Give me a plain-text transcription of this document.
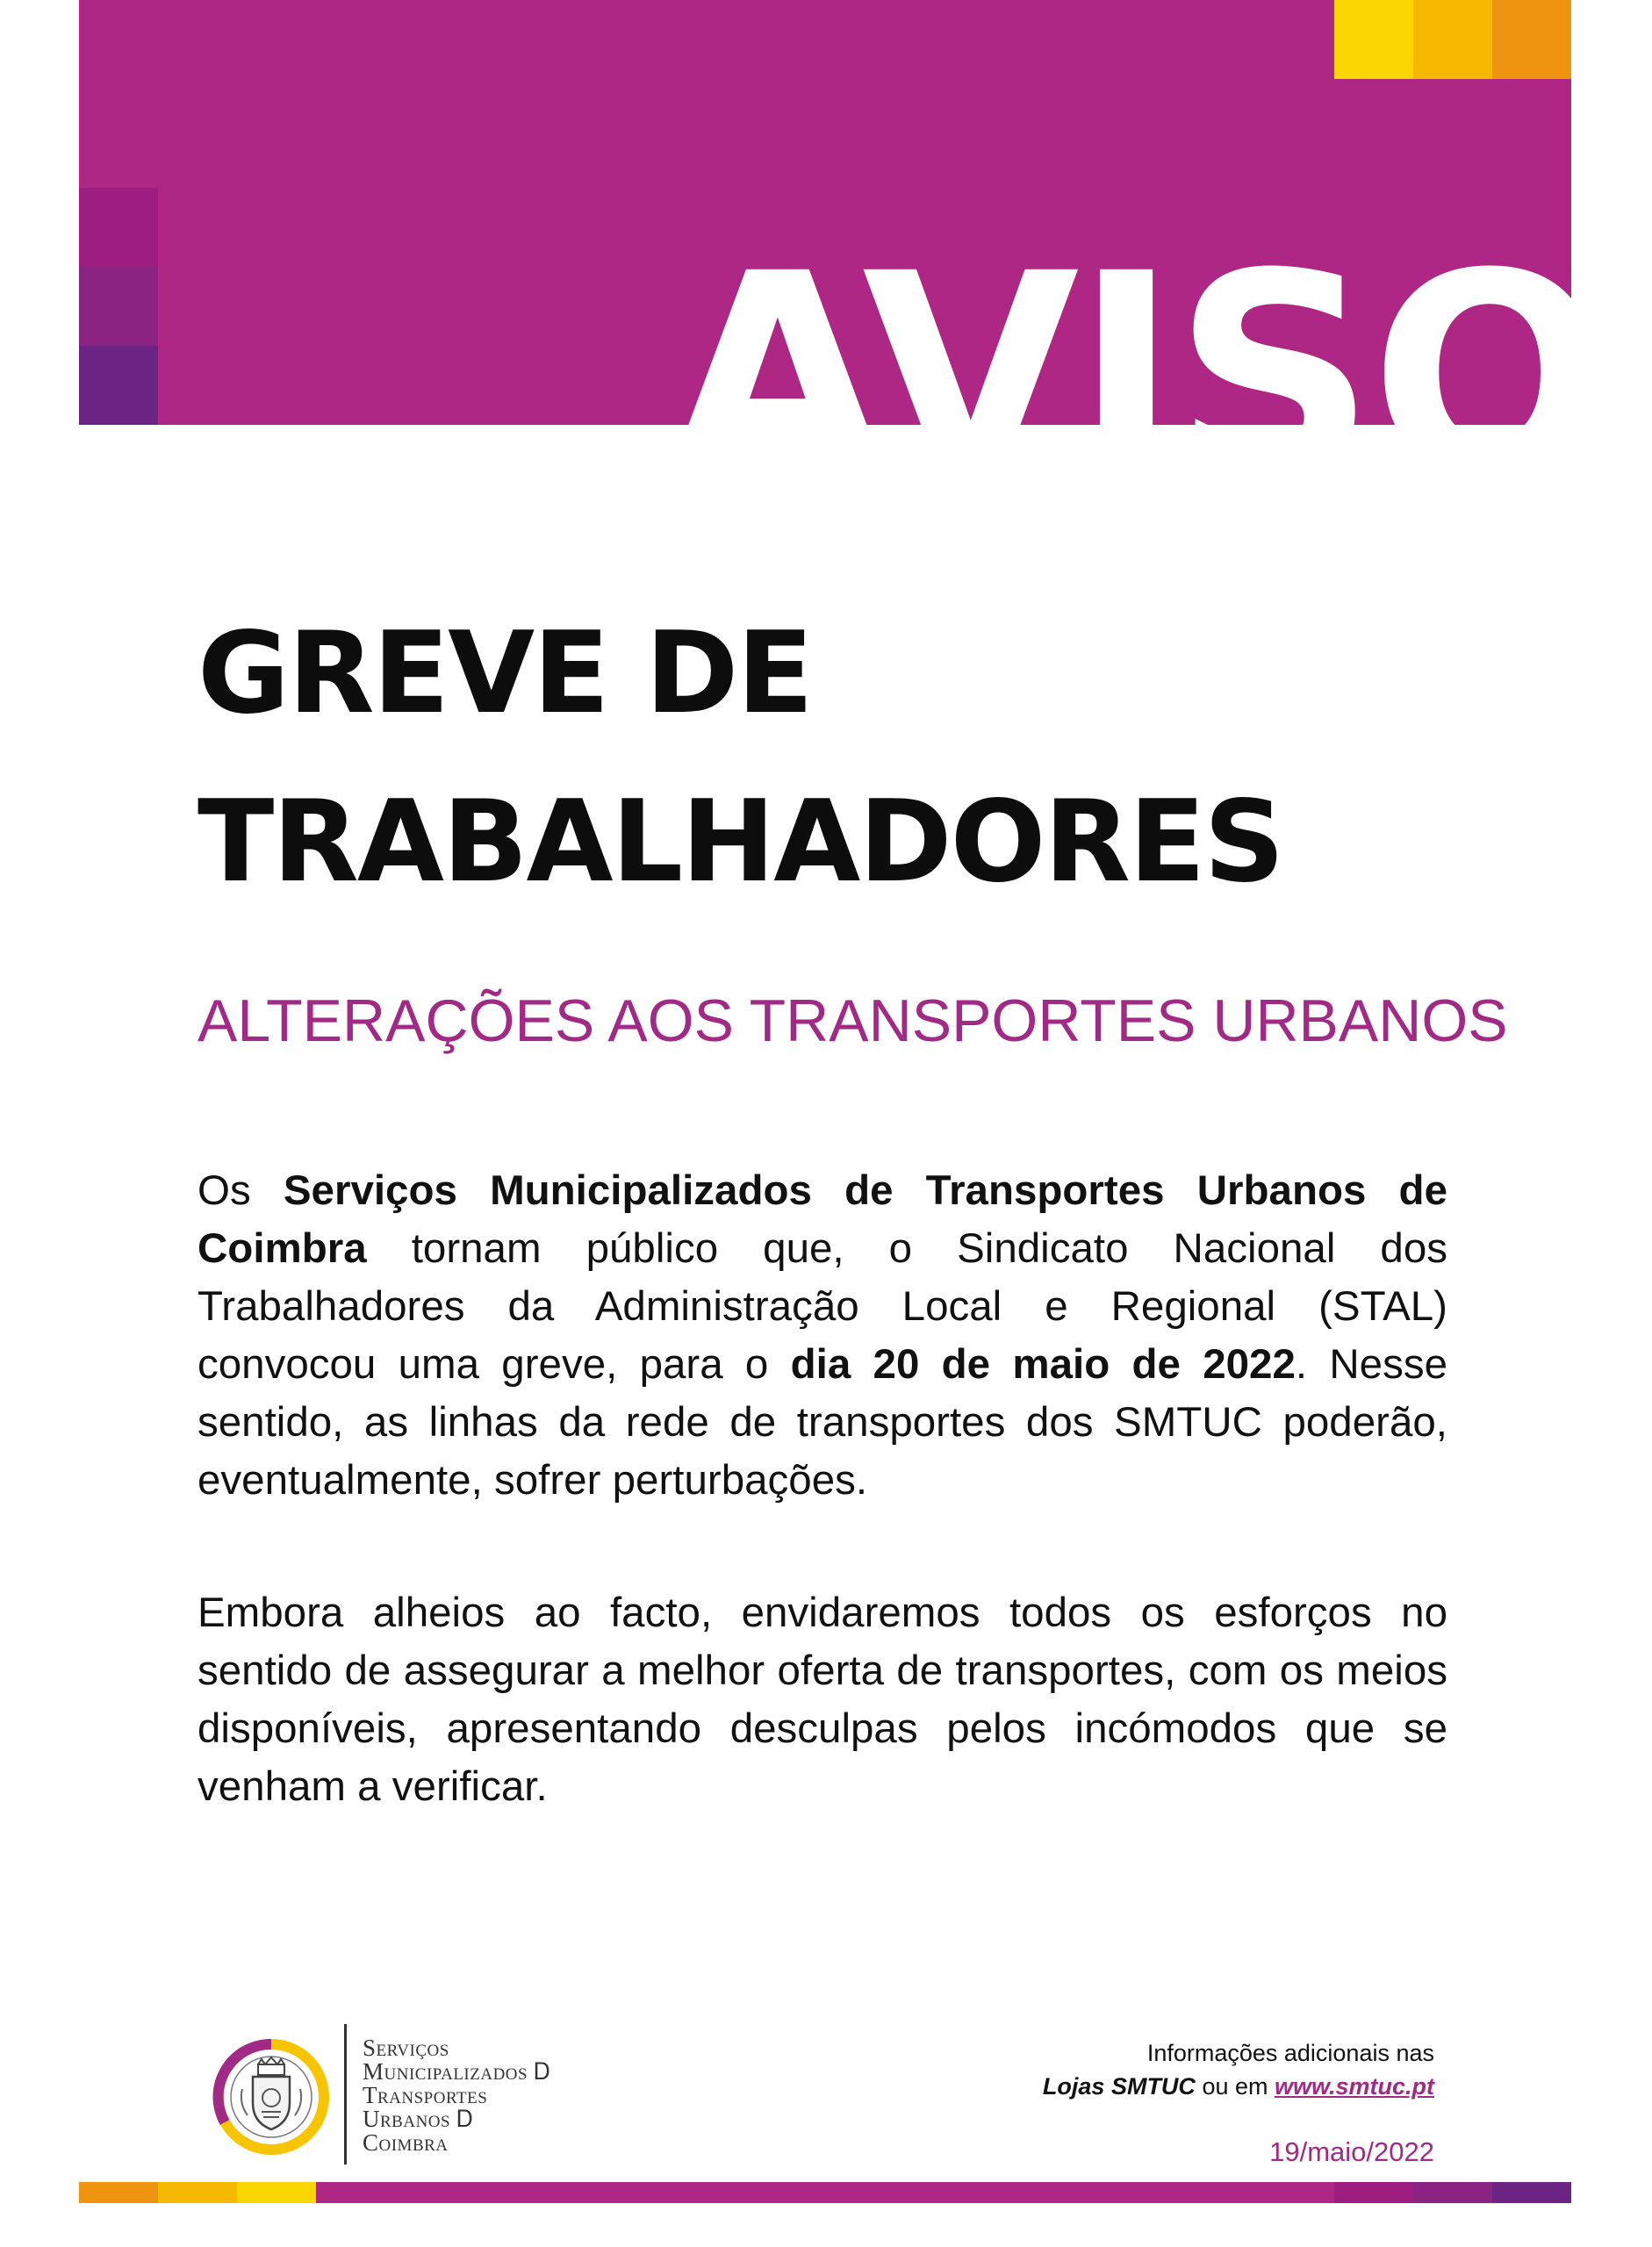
AVISO
GREVE DE
TRABALHADORES
ALTERAÇÕES AOS TRANSPORTES URBANOS
Os Serviços Municipalizados de Transportes Urbanos de Coimbra tornam público que, o Sindicato Nacional dos Trabalhadores da Administração Local e Regional (STAL) convocou uma greve, para o dia 20 de maio de 2022. Nesse sentido, as linhas da rede de transportes dos SMTUC poderão, eventualmente, sofrer perturbações.
Embora alheios ao facto, envidaremos todos os esforços no sentido de assegurar a melhor oferta de transportes, com os meios disponíveis, apresentando desculpas pelos incómodos que se venham a verificar.
Serviços
Municipalizados Ꭰ
Transportes
Urbanos Ꭰ
Coimbra
Informações adicionais nas
Lojas SMTUC ou em www.smtuc.pt
19/maio/2022
